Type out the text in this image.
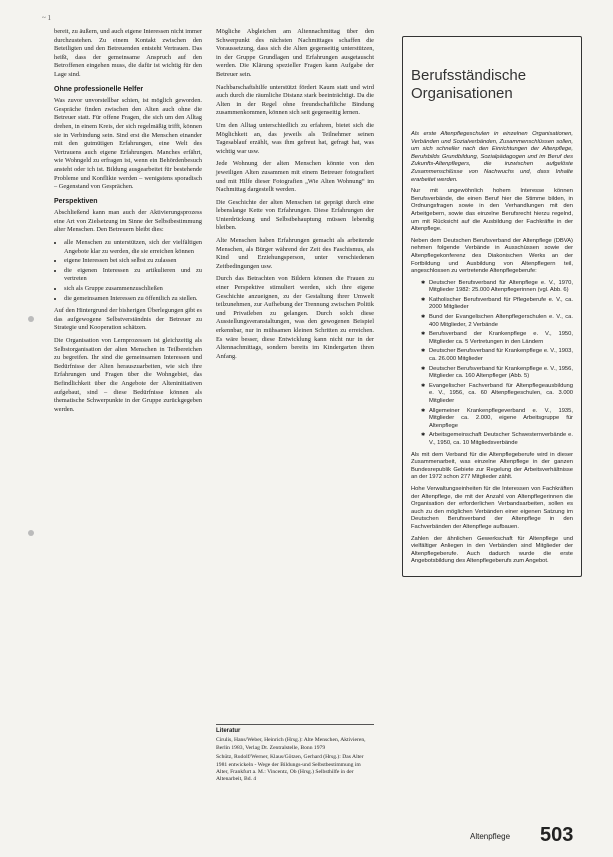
~ 1

bereit, zu äußern, und auch eigene Interessen nicht immer durchzustehen. Zu einem Kontakt zwischen den Beteiligten und den Betreuenden entsteht Vertrauen. Das heißt, dass der gemeinsame Anspruch auf den Betroffenen eingehen muss, die dafür ist wichtig für den Lage sind.

Ohne professionelle Helfer

Was zuvor unvorstellbar schien, ist möglich geworden. Gespräche finden zwischen den Alten auch ohne die Betreuer statt. Für offene Fragen, die sich um den Alltag drehen, in einem Kreis, der sich regelmäßig trifft, können sie in Verbindung sein. Sind erst die Menschen einander mit den gutmütigen Erfahrungen, eine Welt des Vertrauens auch eigene Erfahrungen. Manches erfährt, wie Wohngeld zu erfragen ist, wenn ein Behördenbesuch ansteht oder ich ist. Bildung ausgearbeitet für bestehende Probleme und Konflikte werden – wenigstens sporadisch – Gegenstand von Gesprächen.

Perspektiven

Abschließend kann man auch der Aktivierungsprozess eine Art von Zielsetzung im Sinne der Selbstbestimmung alter Menschen. Den Betreuern bleibt dies:

• alle Menschen zu unterstützen, sich der vielfältigen Angebote klar zu werden, die sie erreichen können
• eigene Interessen bei sich selbst zu zulassen
• die eigenen Interessen zu artikulieren und zu vertreten
• sich als Gruppe zusammenzuschließen
• die gemeinsamen Interessen zu öffentlich zu stellen.

Auf den Hintergrund der bisherigen Überlegungen gibt es das aufgewogene Selbstverständnis der Betreuer zu Strategie und Kooperation schätzen.

Die Organisation von Lernprozessen ist gleichzeitig als Selbstorganisation der alten Menschen in Teilbereichen zu begreifen. Ihr sind die gemeinsamen Interessen und Bedürfnisse der Alten herauszuarbeiten, wie sich ihre Erfahrungen und Fragen über die Wohngebiet, das Befindlichkeit über die Angebote der Alteninitiativen aufgebaut, sind – diese Bedürfnisse können als thematische Schwerpunkte in der Gruppe zurückgegeben werden.

Mögliche Abgleichen am Altennachmittag über den Schwerpunkt des nächsten Nachmittages schaffen die Voraussetzung, dass sich die Alten gegenseitig unterstützen, in der Gruppe Grundlagen und Erfahrungen ausgetauscht werden. Die Klärung spezieller Fragen kann Aufgabe der Betreuer sein.

Nachbarschaftshilfe unterstützt fördert Kaum statt und wird auch durch die räumliche Distanz stark beeinträchtigt. Da die Alten in der Regel ohne freundschaftliche Bindung zusammenkommen, können sich seit gegenseitig lernen.

Um den Alltag unterschiedlich zu erfahren, bietet sich die Möglichkeit an, das jeweils als Teilnehmer seinen Tagesablauf erzählt, was ihm gefreut hat, gefragt hat, was wichtig war usw.

Jede Wohnung der alten Menschen könnte von den jeweiligen Alten zusammen mit einem Betreuer fotografiert und mit Hilfe dieser Fotografien „Wie Alten Wohnung“ im Nachmittag dargestellt werden.

Die Geschichte der alten Menschen ist geprägt durch eine lebenslange Kette von Erfahrungen. Diese Erfahrungen der Unterdrückung und Selbstbehauptung müssen lebendig bleiben.

Alte Menschen haben Erfahrungen gemacht als arbeitende Menschen, als Bürger während der Zeit des Faschismus, als Kind und Erziehungsperson, unter verschiedenen Zeitbedingungen usw.

Durch das Betrachten von Bildern können die Frauen zu einer Perspektive stimuliert werden, sich ihre eigene Geschichte anzueignen, zu der Gestaltung ihrer Umwelt teilzunehmen, zur Aufhebung der Trennung zwischen Politik und Privatleben zu gelangen. Durch solch diese Ausstellungsveranstaltungen, was den gewogenen Beispiel erkennbar, nur in mühsamen kleinen Schritten zu erreichen. Es wäre besser, diese Entwicklung kann nicht nur in der Altennachmittags, sondern bereits im Kindergarten ihren Anfang.

Literatur

Cirulis, Hans/Weber, Heinrich (Hrsg.): Alte Menschen, Aktivieren, Berlin 1983, Verlag Dt. Zentralstelle, Bonn 1979

Schütz, Rudolf/Werner, Klaus/Götzen, Gerhard (Hrsg.): Das Alter 1981 entwickeln - Wege der Bildungs-und Selbstbestimmung im Alter, Frankfurt a. M.: Vincentz, Ob (Hrsg.) Selbsthilfe in der Altenarbeit, Bd. 4

Berufsständische Organisationen

Als erste Altenpflegeschulen in einzelnen Organisationen, Verbänden und Sozialverbänden, Zusammenschlüssen sollen, um sich schneller nach den Einrichtungen der Altenpflege, Berufsbilds Grundbildung, Sozialpädagogen und im Beruf des Zukunfts-Altenpflegers, die inzwischen aufgelöste Zusammenschlüsse von Nachwuchs und, dass Inhalte erarbeitet werden.

Nur mit ungewöhnlich hohem Interesse können Berufsverbände, die einen Beruf hier die Stimme bilden, in Ordnungsfragen sowie in den Verhandlungen mit den Arbeitgebern, sowie das einzelne Berufsrecht hierzu regelnd, um mit Rücksicht auf die Ausbildung der Fachkräfte in der Altenpflege.

Neben dem Deutschen Berufsverband der Altenpflege (DBVA) nehmen folgende Verbände in Ausschüssen sowie der Altenpflegekonferenz des Diakonischen Werks an der Fortbildung und Ausbildung von Altenpflegern teil, angeschlossen zu vertretende Altenpflegeberufe:

✱ Deutscher Berufsverband für Altenpflege e. V., 1970, Mitglieder 1982: 25.000 Altenpflegerinnen (vgl. Abb. 6)
✱ Katholischer Berufsverband für Pflegeberufe e. V., ca. 2000 Mitglieder
✱ Bund der Evangelischen Altenpflegerschulen e. V., ca. 400 Mitglieder, 2 Verbände
✱ Berufsverband der Krankenpflege e. V., 1950, Mitglieder ca. 5 Vertretungen in den Ländern
✱ Deutscher Berufsverband für Krankenpflege e. V., 1903, ca. 26.000 Mitglieder
✱ Deutscher Berufsverband für Krankenpflege e. V., 1956, Mitglieder ca. 160 Altenpfleger (Abb. 5)
✱ Evangelischer Fachverband für Altenpflegeausbildung e. V., 1956, ca. 60 Altenpflegeschulen, ca. 3.000 Mitglieder
✱ Allgemeiner Krankenpflegeverband e. V., 1935, Mitglieder ca. 2.000, eigene Arbeitsgruppe für Altenpflege
✱ Arbeitsgemeinschaft Deutscher Schwesternverbände e. V., 1950, ca. 10 Mitgliedsverbände

Als mit dem Verband für die Altenpflegeberufe wird in dieser Zusammenarbeit, was einzelne Altenpflege in der ganzen Bundesrepublik Gebiete zur Regelung der Arbeitsverhältnisse an der 1972 schon 277 Mitglieder zählt.

Hohe Verwaltungseinheiten für die Interessen von Fachkräften der Altenpflege, die mit der Anzahl von Altenpflegerinnen die Organisation der erforderlichen Verbandsarbeiten, sollen es auch zu den möglichen Verbänden einer eigenen Satzung im Deutschen Berufsverband der Altenpflege in den Fachverbänden der Altenpflege aufbauen.

Zahlen der ähnlichen Gewerkschaft für Altenpflege und vielfältiger Anliegen in den Verbänden sind Mitglieder der Altenpflegeberufe. Auch dadurch wurde die erste Angebotsbildung des Altenpflegeberufs zum Angebot.

Altenpflege 503
